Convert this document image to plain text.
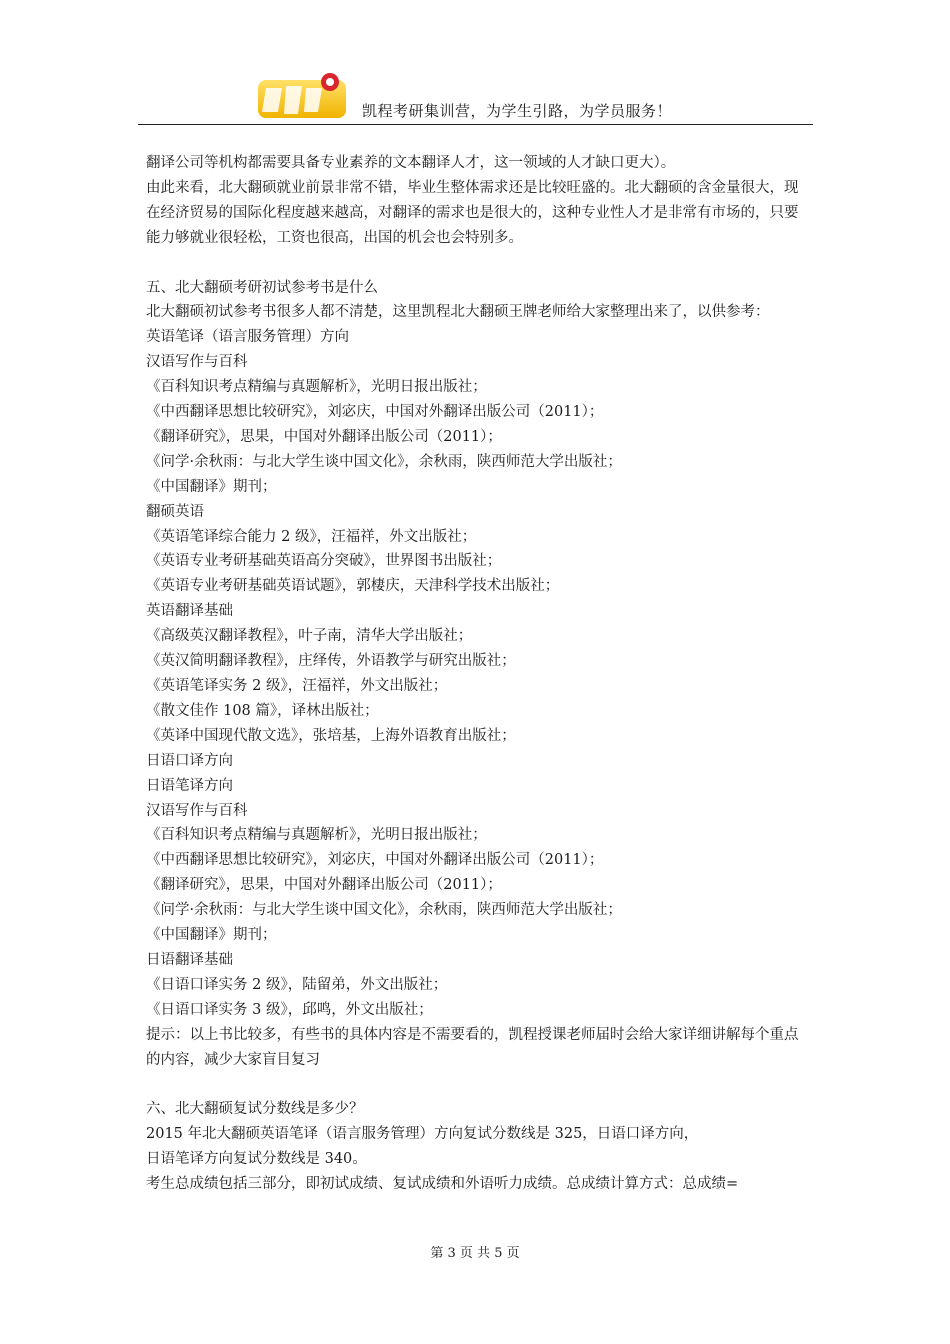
凯程考研集训营，为学生引路，为学员服务！

翻译公司等机构都需要具备专业素养的文本翻译人才，这一领域的人才缺口更大）。

由此来看，北大翻硕就业前景非常不错，毕业生整体需求还是比较旺盛的。北大翻硕的含金量很大，现在经济贸易的国际化程度越来越高，对翻译的需求也是很大的，这种专业性人才是非常有市场的，只要能力够就业很轻松，工资也很高，出国的机会也会特别多。

五、北大翻硕考研初试参考书是什么

北大翻硕初试参考书很多人都不清楚，这里凯程北大翻硕王牌老师给大家整理出来了，以供参考：

英语笔译（语言服务管理）方向

汉语写作与百科

《百科知识考点精编与真题解析》，光明日报出版社；

《中西翻译思想比较研究》，刘宓庆，中国对外翻译出版公司（2011）；

《翻译研究》，思果，中国对外翻译出版公司（2011）；

《问学·余秋雨：与北大学生谈中国文化》，余秋雨，陕西师范大学出版社；

《中国翻译》期刊；

翻硕英语

《英语笔译综合能力 2 级》，汪福祥，外文出版社；

《英语专业考研基础英语高分突破》，世界图书出版社；

《英语专业考研基础英语试题》，郭棲庆，天津科学技术出版社；

英语翻译基础

《高级英汉翻译教程》，叶子南，清华大学出版社；

《英汉简明翻译教程》，庄绎传，外语教学与研究出版社；

《英语笔译实务 2 级》，汪福祥，外文出版社；

《散文佳作 108 篇》，译林出版社；

《英译中国现代散文选》，张培基，上海外语教育出版社；

日语口译方向

日语笔译方向

汉语写作与百科

《百科知识考点精编与真题解析》，光明日报出版社；

《中西翻译思想比较研究》，刘宓庆，中国对外翻译出版公司（2011）；

《翻译研究》，思果，中国对外翻译出版公司（2011）；

《问学·余秋雨：与北大学生谈中国文化》，余秋雨，陕西师范大学出版社；

《中国翻译》期刊；

日语翻译基础

《日语口译实务 2 级》，陆留弟，外文出版社；

《日语口译实务 3 级》，邱鸣，外文出版社；

提示：以上书比较多，有些书的具体内容是不需要看的，凯程授课老师届时会给大家详细讲解每个重点的内容，减少大家盲目复习

六、北大翻硕复试分数线是多少？

2015 年北大翻硕英语笔译（语言服务管理）方向复试分数线是 325，日语口译方向，

日语笔译方向复试分数线是 340。

考生总成绩包括三部分，即初试成绩、复试成绩和外语听力成绩。总成绩计算方式：总成绩=

第 3 页 共 5 页
